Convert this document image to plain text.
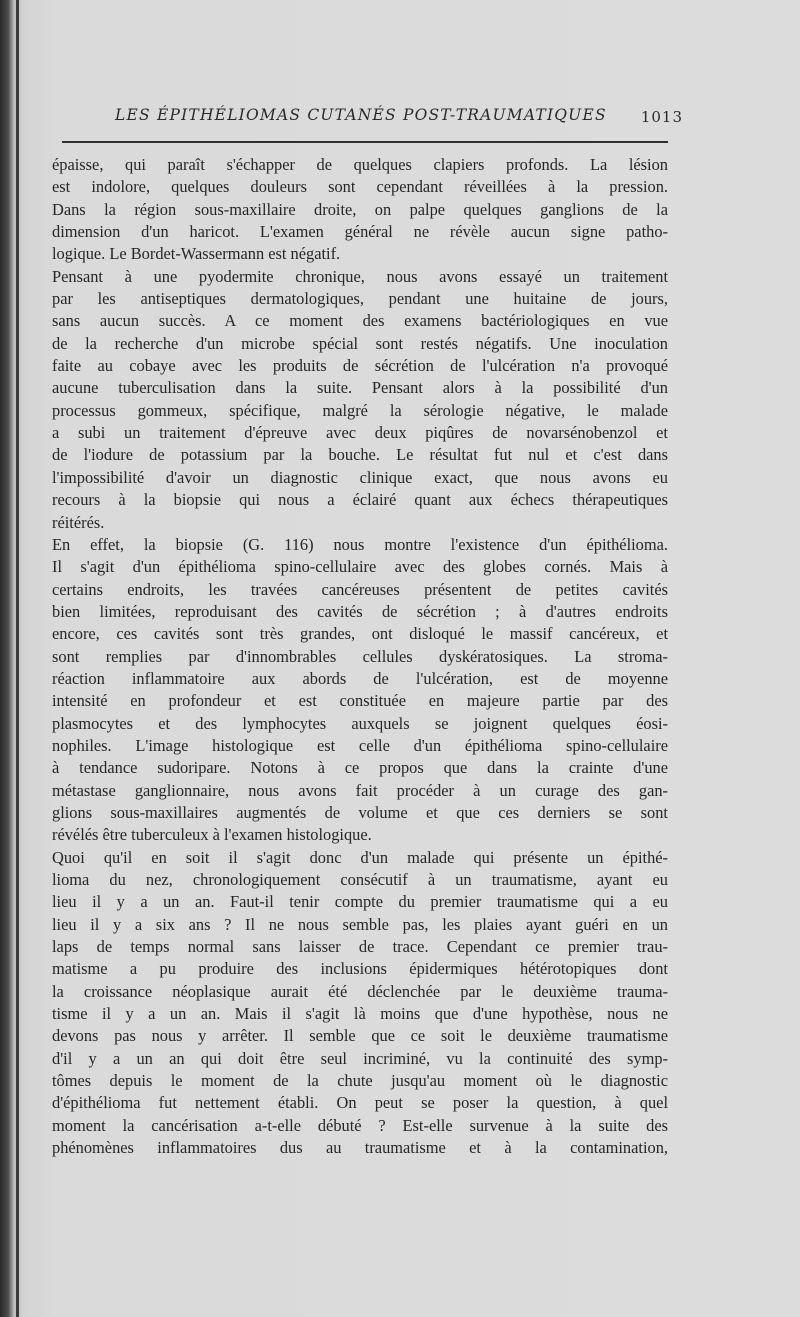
LES ÉPITHÉLIOMAS CUTANÉS POST-TRAUMATIQUES 1013

épaisse, qui paraît s'échapper de quelques clapiers profonds. La lésion
est indolore, quelques douleurs sont cependant réveillées à la pression.
Dans la région sous-maxillaire droite, on palpe quelques ganglions de la
dimension d'un haricot. L'examen général ne révèle aucun signe patho-
logique. Le Bordet-Wassermann est négatif.

Pensant à une pyodermite chronique, nous avons essayé un traitement
par les antiseptiques dermatologiques, pendant une huitaine de jours,
sans aucun succès. A ce moment des examens bactériologiques en vue
de la recherche d'un microbe spécial sont restés négatifs. Une inoculation
faite au cobaye avec les produits de sécrétion de l'ulcération n'a provoqué
aucune tuberculisation dans la suite. Pensant alors à la possibilité d'un
processus gommeux, spécifique, malgré la sérologie négative, le malade
a subi un traitement d'épreuve avec deux piqûres de novarsénobenzol et
de l'iodure de potassium par la bouche. Le résultat fut nul et c'est dans
l'impossibilité d'avoir un diagnostic clinique exact, que nous avons eu
recours à la biopsie qui nous a éclairé quant aux échecs thérapeutiques
réitérés.

En effet, la biopsie (G. 116) nous montre l'existence d'un épithélioma.
Il s'agit d'un épithélioma spino-cellulaire avec des globes cornés. Mais à
certains endroits, les travées cancéreuses présentent de petites cavités
bien limitées, reproduisant des cavités de sécrétion ; à d'autres endroits
encore, ces cavités sont très grandes, ont disloqué le massif cancéreux, et
sont remplies par d'innombrables cellules dyskératosiques. La stroma-
réaction inflammatoire aux abords de l'ulcération, est de moyenne
intensité en profondeur et est constituée en majeure partie par des
plasmocytes et des lymphocytes auxquels se joignent quelques éosi-
nophiles. L'image histologique est celle d'un épithélioma spino-cellulaire
à tendance sudoripare. Notons à ce propos que dans la crainte d'une
métastase ganglionnaire, nous avons fait procéder à un curage des gan-
glions sous-maxillaires augmentés de volume et que ces derniers se sont
révélés être tuberculeux à l'examen histologique.

Quoi qu'il en soit il s'agit donc d'un malade qui présente un épithé-
lioma du nez, chronologiquement consécutif à un traumatisme, ayant eu
lieu il y a un an. Faut-il tenir compte du premier traumatisme qui a eu
lieu il y a six ans ? Il ne nous semble pas, les plaies ayant guéri en un
laps de temps normal sans laisser de trace. Cependant ce premier trau-
matisme a pu produire des inclusions épidermiques hétérotopiques dont
la croissance néoplasique aurait été déclenchée par le deuxième trauma-
tisme il y a un an. Mais il s'agit là moins que d'une hypothèse, nous ne
devons pas nous y arrêter. Il semble que ce soit le deuxième traumatisme
d'il y a un an qui doit être seul incriminé, vu la continuité des symp-
tômes depuis le moment de la chute jusqu'au moment où le diagnostic
d'épithélioma fut nettement établi. On peut se poser la question, à quel
moment la cancérisation a-t-elle débuté ? Est-elle survenue à la suite des
phénomènes inflammatoires dus au traumatisme et à la contamination,
